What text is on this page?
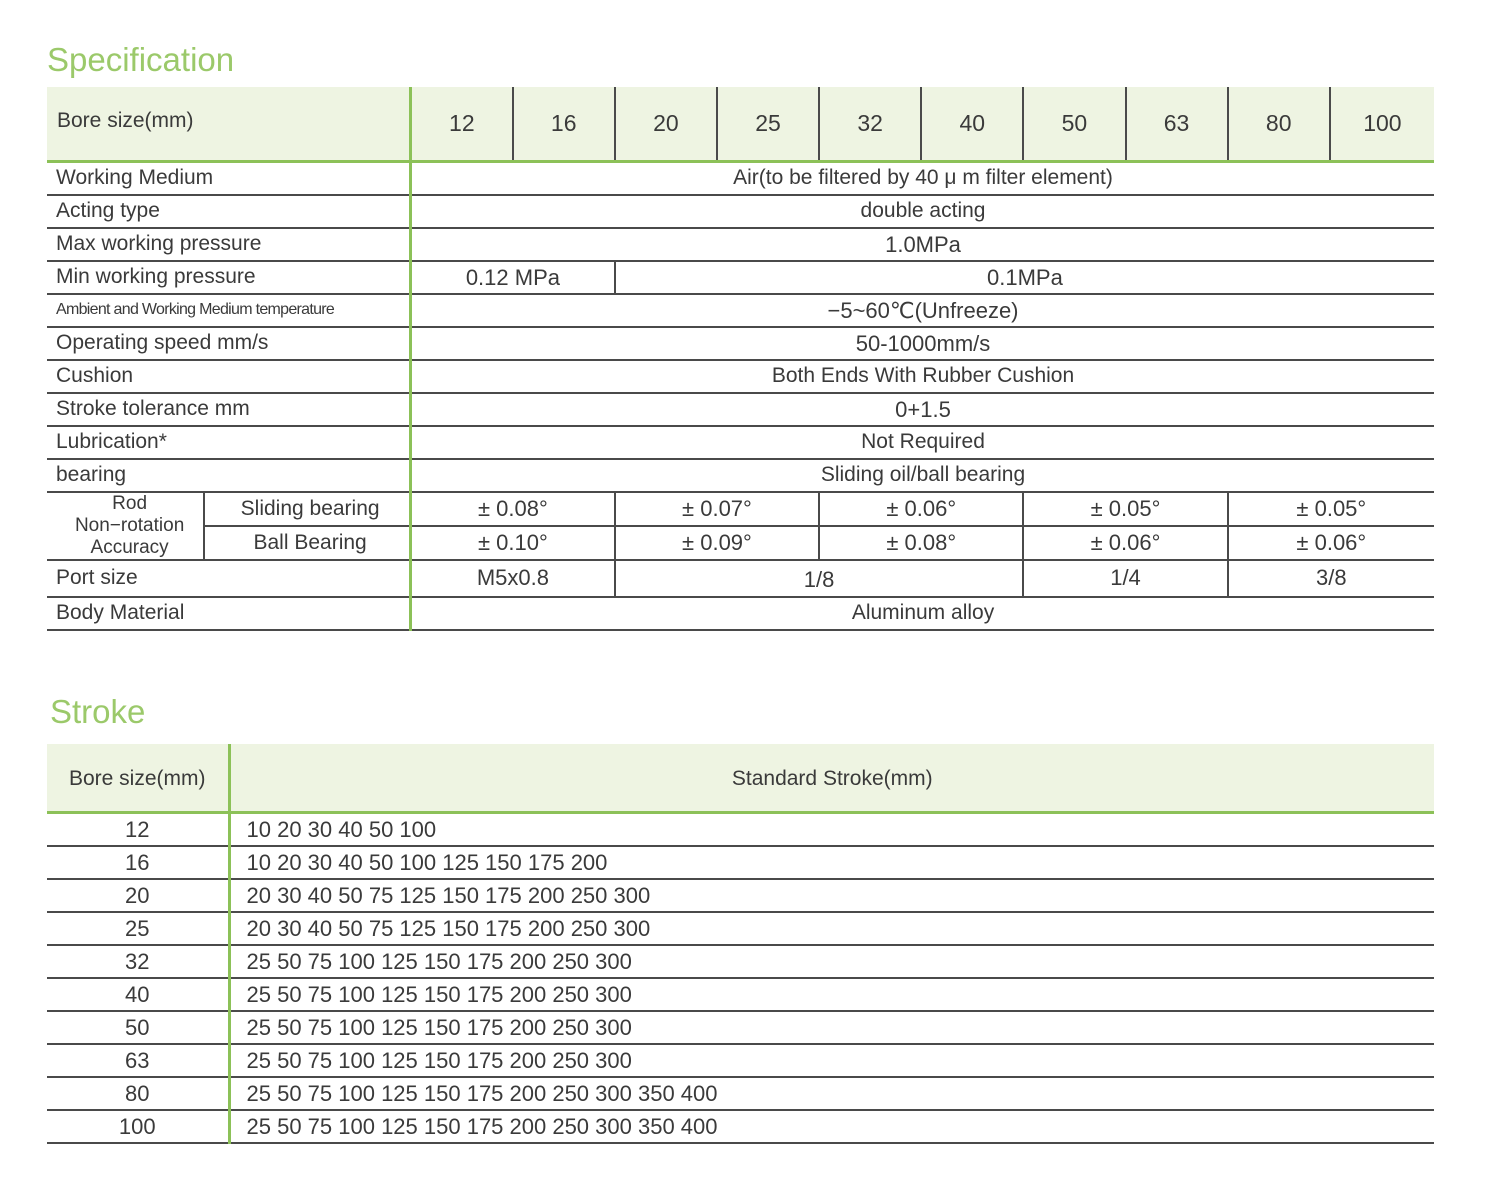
Specification
Bore size(mm)		12	16	20	25	32	40	50	63	80	100
Working Medium		Air(to be filtered by 40 μ m filter element)									
Acting type		double acting									
Max working pressure		1.0MPa									
Min working pressure		0.12 MPa		0.1MPa							
Ambient and Working Medium temperature		−5~60℃(Unfreeze)									
Operating speed mm/s		50-1000mm/s									
Cushion		Both Ends With Rubber Cushion									
Stroke tolerance mm		0+1.5									
Lubrication*		Not Required									
bearing		Sliding oil/ball bearing									
Rod
Non−rotation
Accuracy	Sliding bearing	± 0.08°		± 0.07°		± 0.06°		± 0.05°		± 0.05°	
	Ball Bearing	± 0.10°		± 0.09°		± 0.08°		± 0.06°		± 0.06°	
Port size		M5x0.8		1/8				1/4		3/8	
Body Material		Aluminum alloy									
Stroke
Bore size(mm)	Standard Stroke(mm)
12	10 20 30 40 50 100
16	10 20 30 40 50 100 125 150 175 200
20	20 30 40 50 75 125 150 175 200 250 300
25	20 30 40 50 75 125 150 175 200 250 300
32	25 50 75 100 125 150 175 200 250 300
40	25 50 75 100 125 150 175 200 250 300
50	25 50 75 100 125 150 175 200 250 300
63	25 50 75 100 125 150 175 200 250 300
80	25 50 75 100 125 150 175 200 250 300 350 400
100	25 50 75 100 125 150 175 200 250 300 350 400
